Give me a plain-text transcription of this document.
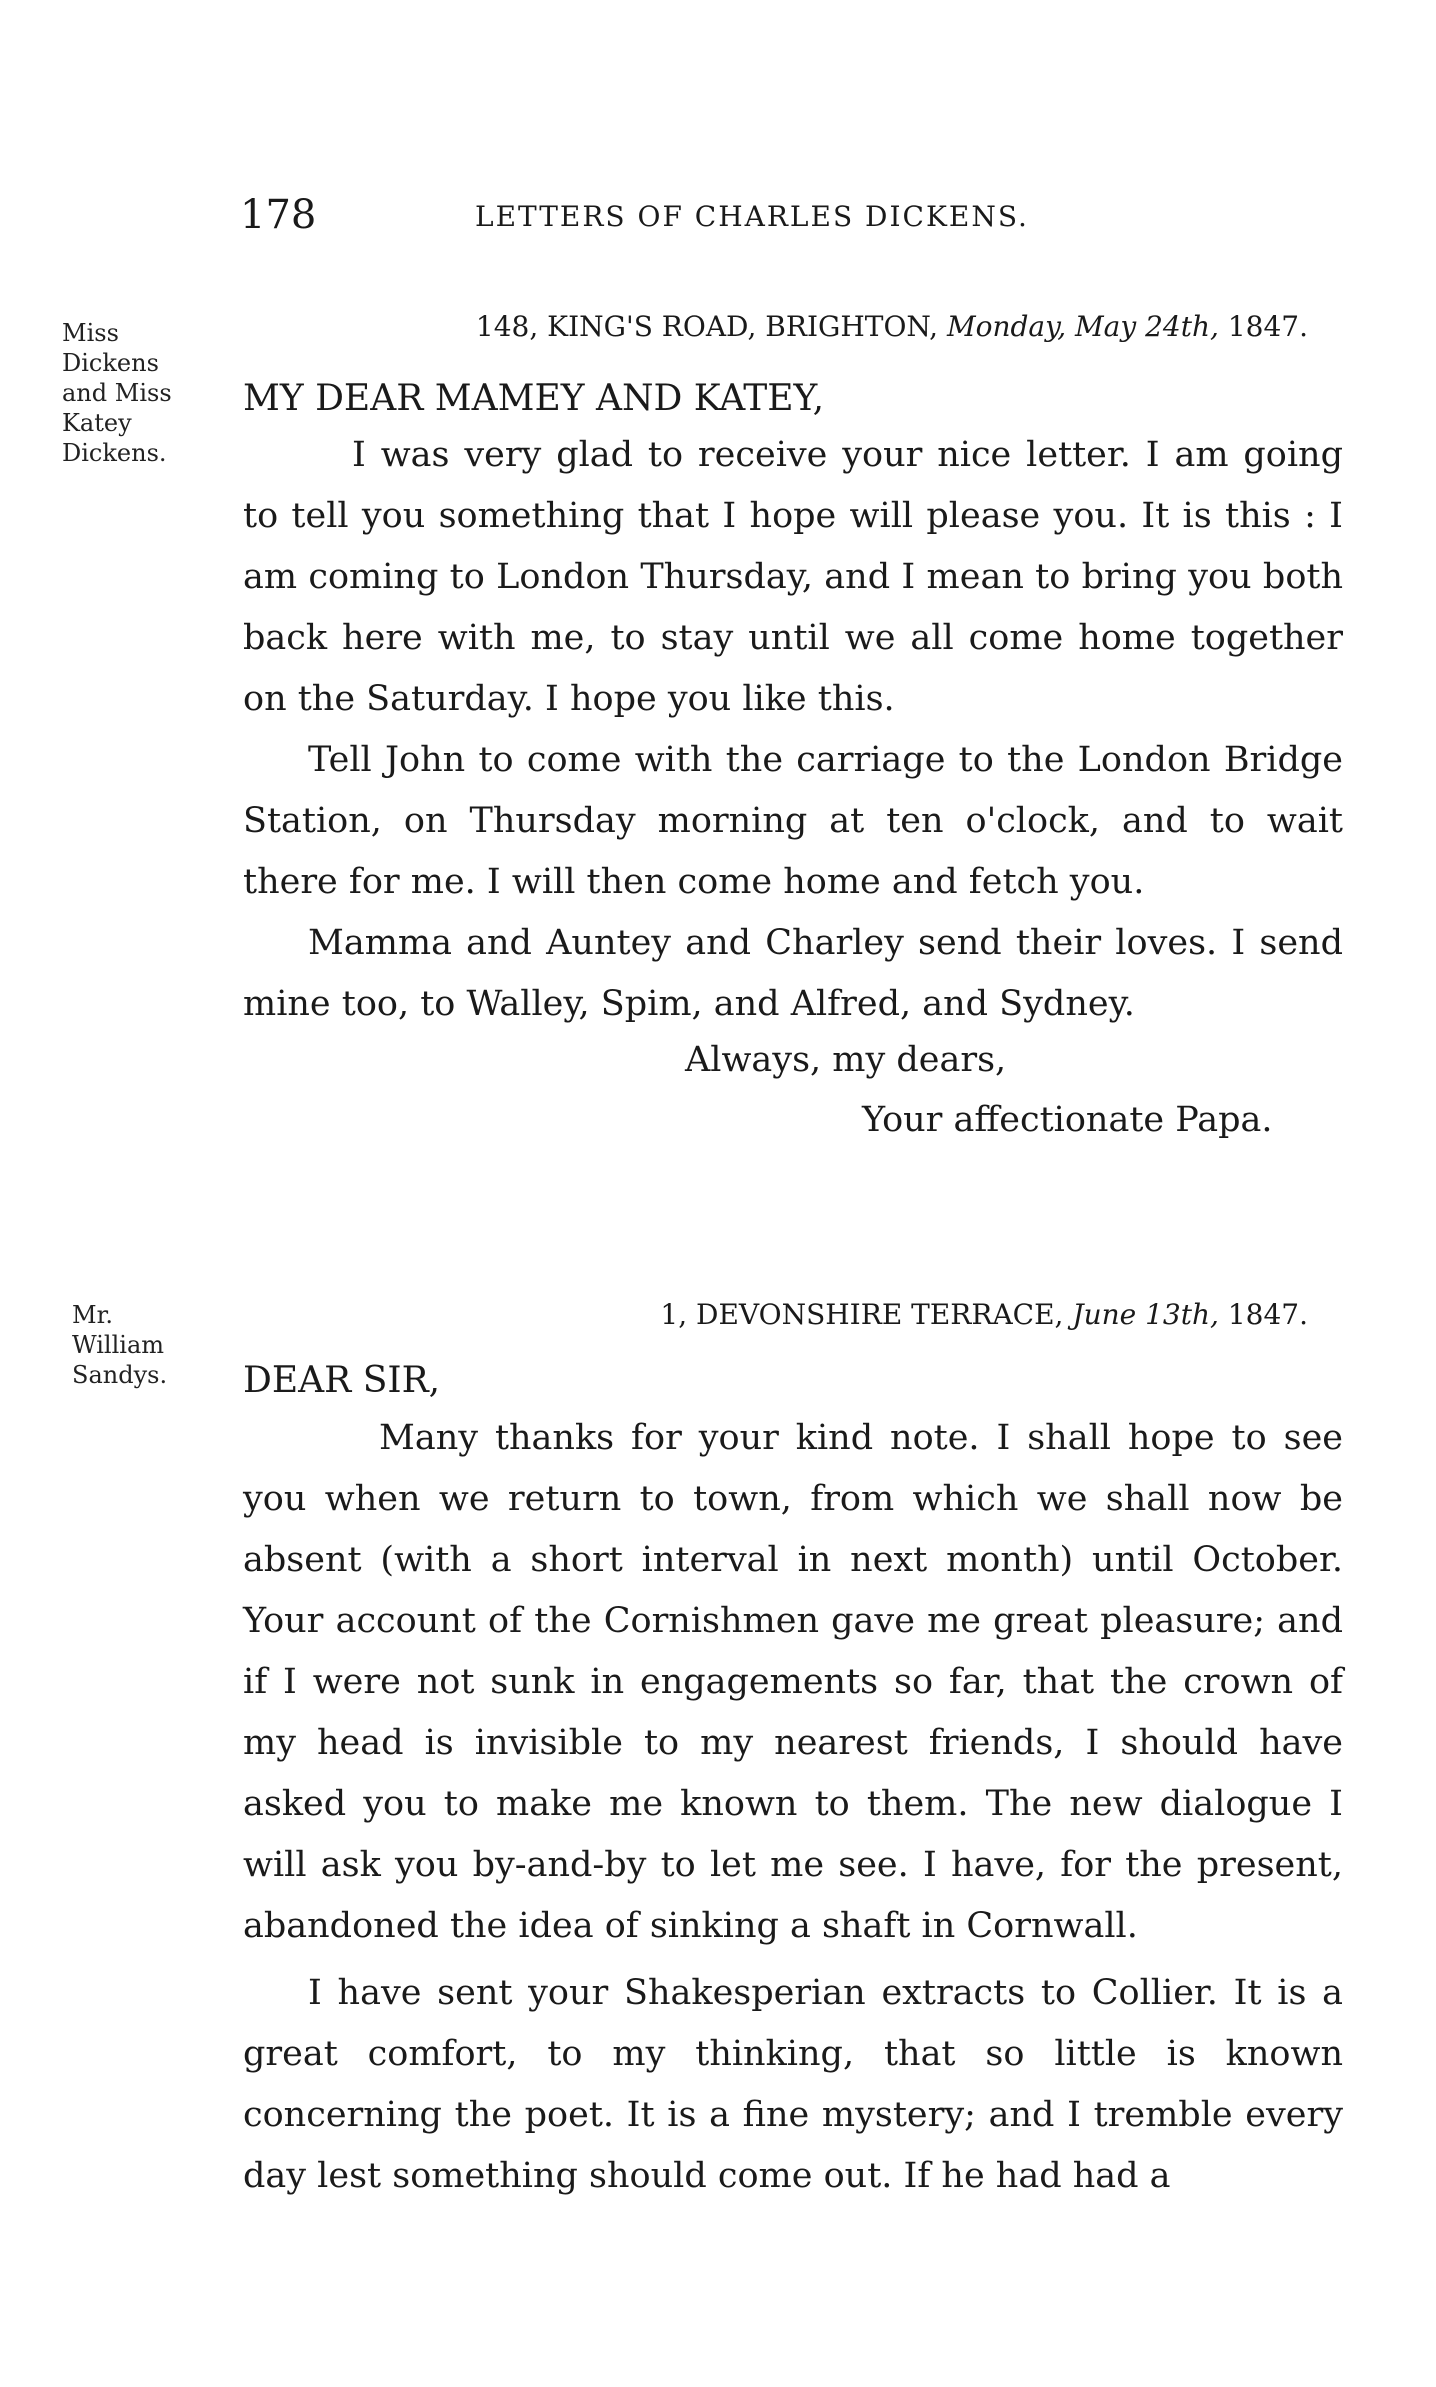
178	LETTERS OF CHARLES DICKENS.
Miss Dickens and Miss Katey Dickens.
148, KING'S ROAD, BRIGHTON, Monday, May 24th, 1847.
MY DEAR MAMEY AND KATEY,

I was very glad to receive your nice letter. I am going to tell you something that I hope will please you. It is this : I am coming to London Thursday, and I mean to bring you both back here with me, to stay until we all come home together on the Saturday. I hope you like this.

Tell John to come with the carriage to the London Bridge Station, on Thursday morning at ten o'clock, and to wait there for me. I will then come home and fetch you.

Mamma and Auntey and Charley send their loves. I send mine too, to Walley, Spim, and Alfred, and Sydney.

Always, my dears,
Your affectionate Papa.
Mr. William Sandys.
1, DEVONSHIRE TERRACE, June 13th, 1847.
DEAR SIR,

Many thanks for your kind note. I shall hope to see you when we return to town, from which we shall now be absent (with a short interval in next month) until October. Your account of the Cornishmen gave me great pleasure; and if I were not sunk in engagements so far, that the crown of my head is invisible to my nearest friends, I should have asked you to make me known to them. The new dialogue I will ask you by-and-by to let me see. I have, for the present, abandoned the idea of sinking a shaft in Cornwall.

I have sent your Shakesperian extracts to Collier. It is a great comfort, to my thinking, that so little is known concerning the poet. It is a fine mystery; and I tremble every day lest something should come out. If he had had a
